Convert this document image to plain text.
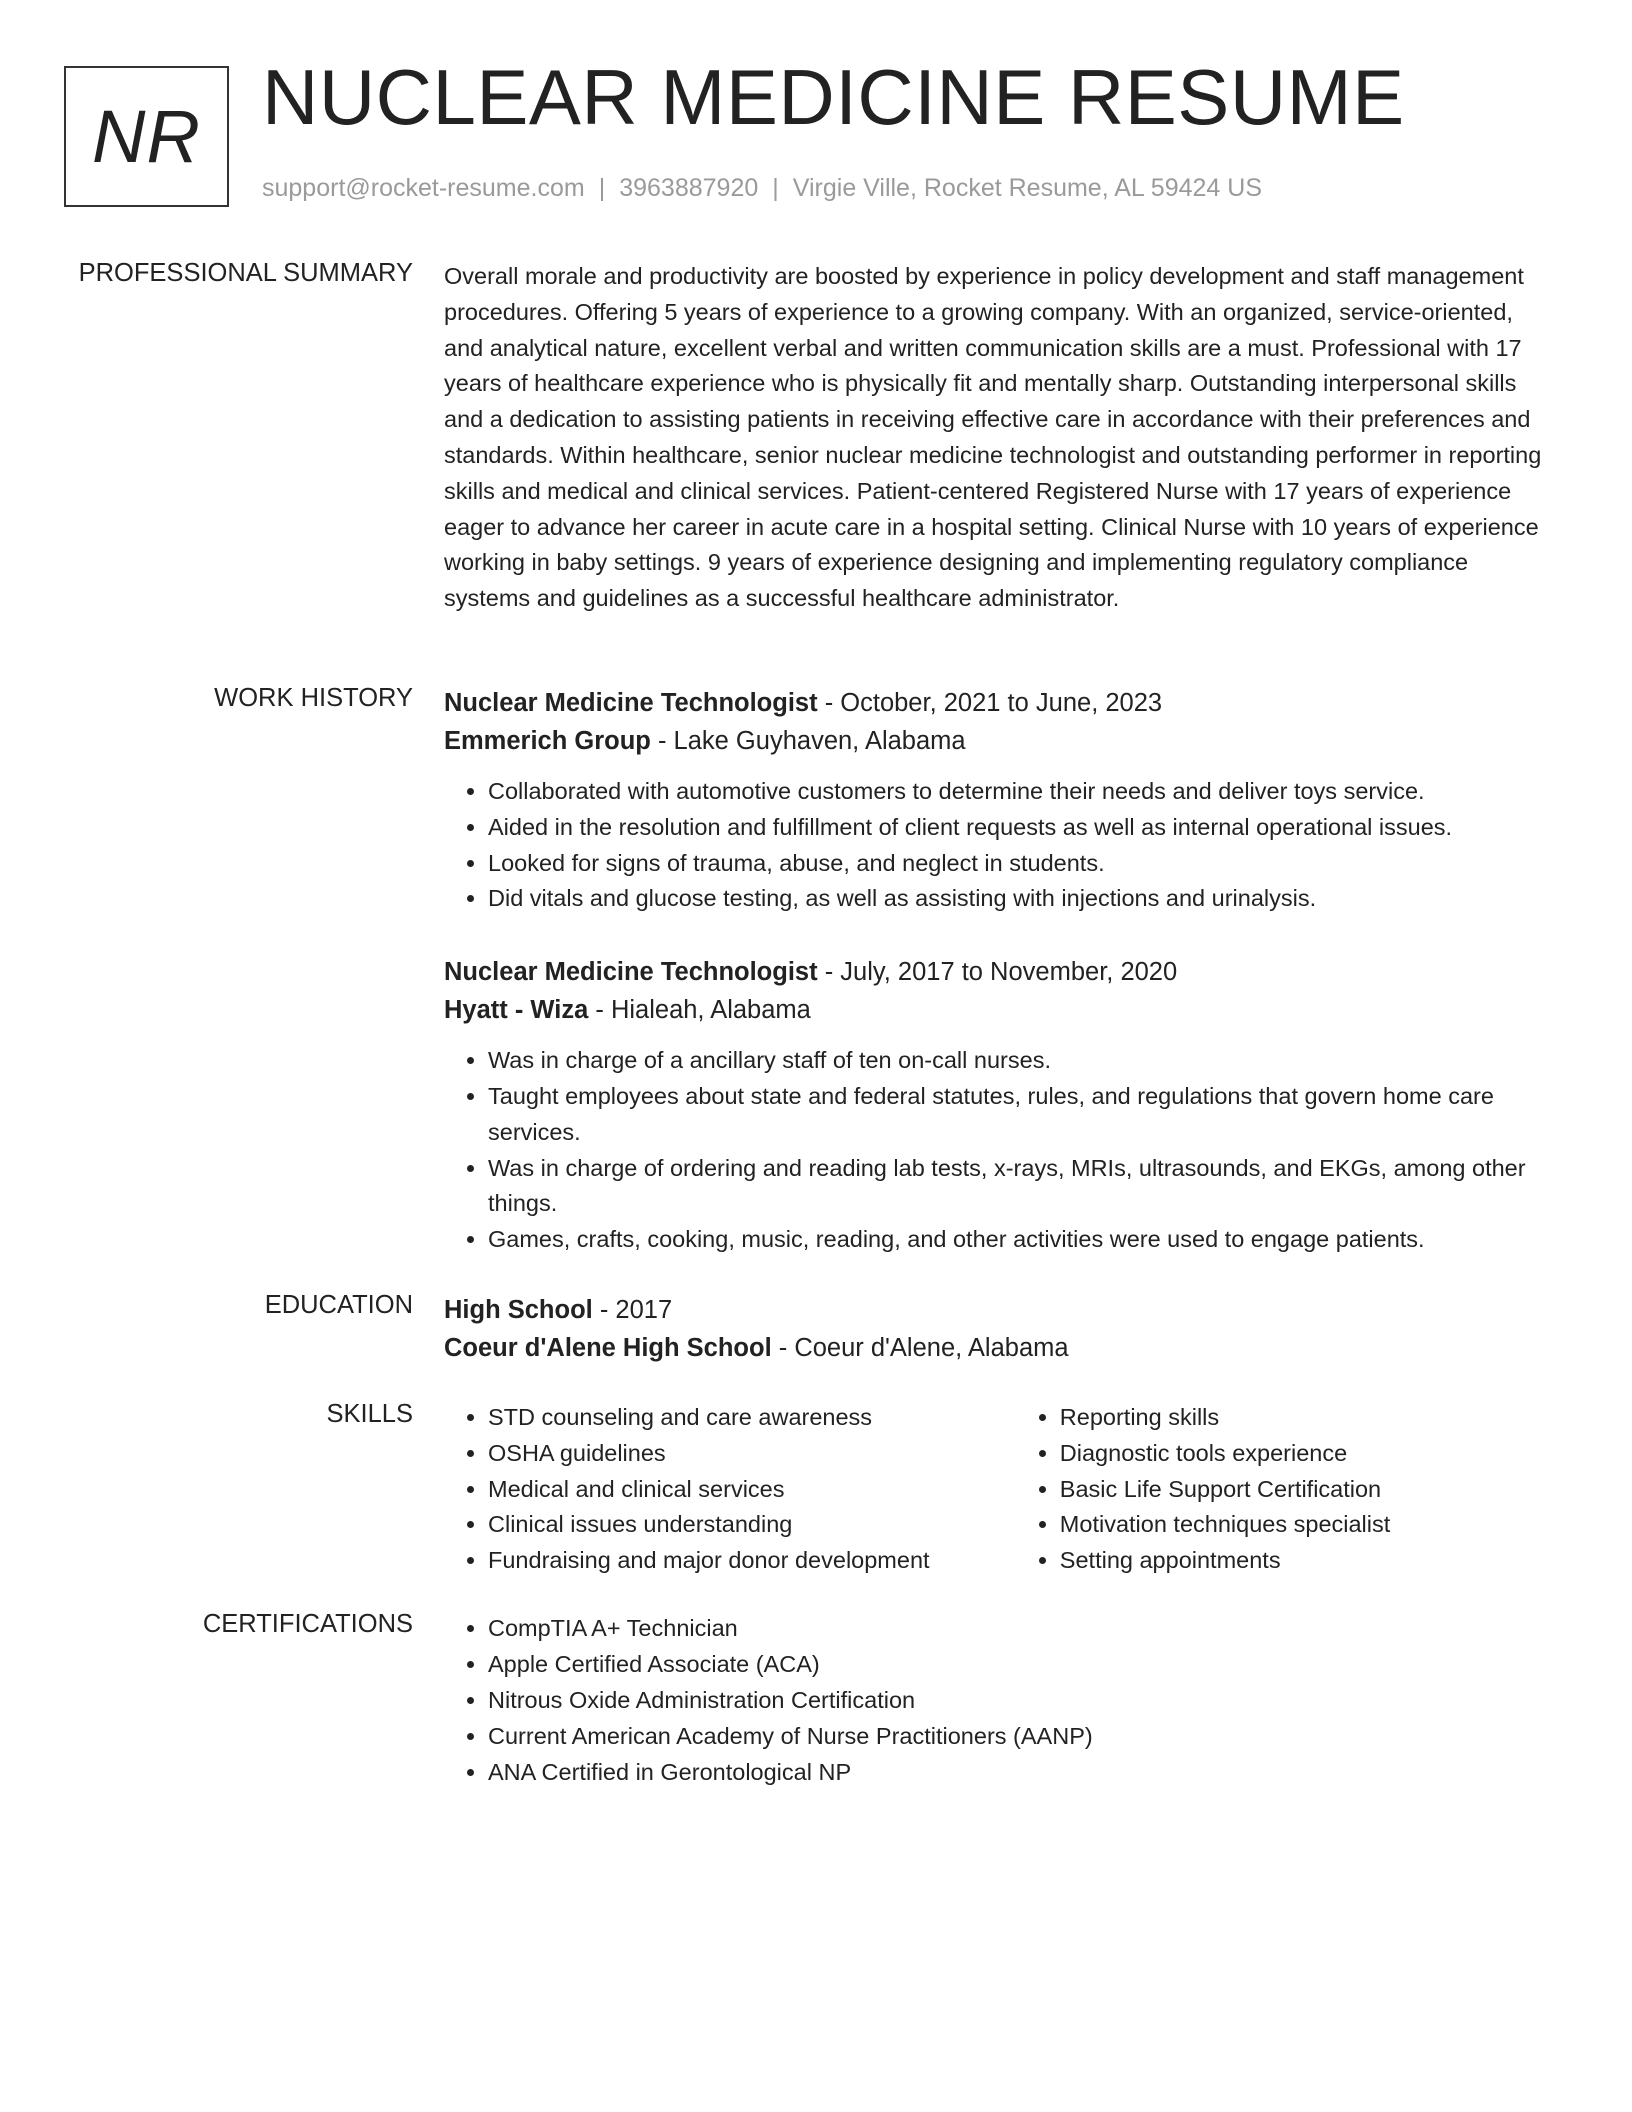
NR NUCLEAR MEDICINE RESUME
support@rocket-resume.com | 3963887920 | Virgie Ville, Rocket Resume, AL 59424 US
PROFESSIONAL SUMMARY Overall morale and productivity are boosted by experience in policy development and staff management procedures. Offering 5 years of experience to a growing company. With an organized, service-oriented, and analytical nature, excellent verbal and written communication skills are a must. Professional with 17 years of healthcare experience who is physically fit and mentally sharp. Outstanding interpersonal skills and a dedication to assisting patients in receiving effective care in accordance with their preferences and standards. Within healthcare, senior nuclear medicine technologist and outstanding performer in reporting skills and medical and clinical services. Patient-centered Registered Nurse with 17 years of experience eager to advance her career in acute care in a hospital setting. Clinical Nurse with 10 years of experience working in baby settings. 9 years of experience designing and implementing regulatory compliance systems and guidelines as a successful healthcare administrator.

WORK HISTORY Nuclear Medicine Technologist - October, 2021 to June, 2023
Emmerich Group - Lake Guyhaven, Alabama
• Collaborated with automotive customers to determine their needs and deliver toys service.
• Aided in the resolution and fulfillment of client requests as well as internal operational issues.
• Looked for signs of trauma, abuse, and neglect in students.
• Did vitals and glucose testing, as well as assisting with injections and urinalysis.
Nuclear Medicine Technologist - July, 2017 to November, 2020
Hyatt - Wiza - Hialeah, Alabama
• Was in charge of a ancillary staff of ten on-call nurses.
• Taught employees about state and federal statutes, rules, and regulations that govern home care services.
• Was in charge of ordering and reading lab tests, x-rays, MRIs, ultrasounds, and EKGs, among other things.
• Games, crafts, cooking, music, reading, and other activities were used to engage patients.
EDUCATION High School - 2017
Coeur d'Alene High School - Coeur d'Alene, Alabama
SKILLS	• STD counseling and care awareness
• OSHA guidelines
• Medical and clinical services
• Clinical issues understanding
• Fundraising and major donor development
• Reporting skills
• Diagnostic tools experience
• Basic Life Support Certification
• Motivation techniques specialist
• Setting appointments
CERTIFICATIONS	• CompTIA A+ Technician
• Apple Certified Associate (ACA)
• Nitrous Oxide Administration Certification
• Current American Academy of Nurse Practitioners (AANP)
• ANA Certified in Gerontological NP
